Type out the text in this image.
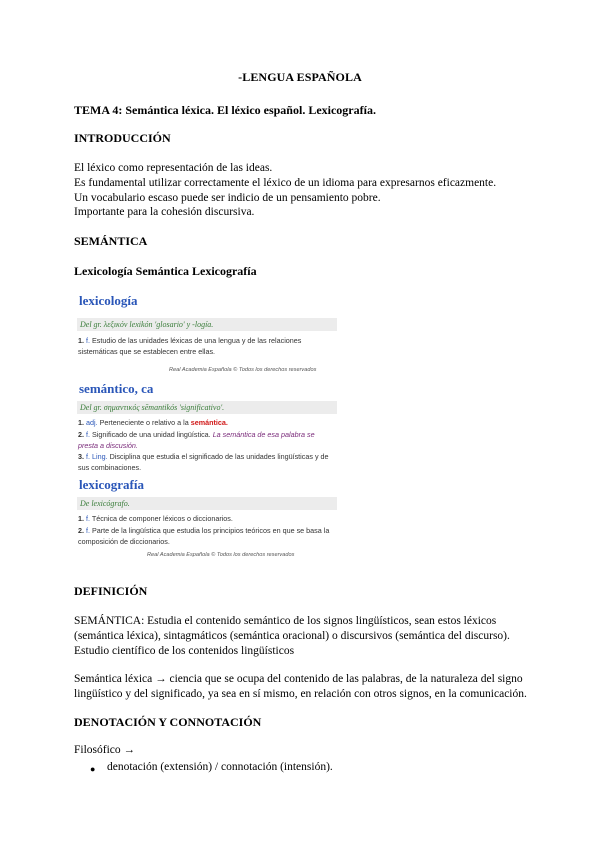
-LENGUA ESPAÑOLA
TEMA 4: Semántica léxica. El léxico español. Lexicografía.
INTRODUCCIÓN
El léxico como representación de las ideas.
Es fundamental utilizar correctamente el léxico de un idioma para expresarnos eficazmente.
Un vocabulario escaso puede ser indicio de un pensamiento pobre.
Importante para la cohesión discursiva.
SEMÁNTICA
Lexicología Semántica Lexicografía
lexicología
Del gr. λεξικόν lexikón 'glosario' y -logía.
1. f. Estudio de las unidades léxicas de una lengua y de las relaciones sistemáticas que se establecen entre ellas.
Real Academia Española © Todos los derechos reservados
semántico, ca
Del gr. σημαντικός sēmantikós 'significativo'.
1. adj. Perteneciente o relativo a la semántica.
2. f. Significado de una unidad lingüística. La semántica de esa palabra se presta a discusión.
3. f. Ling. Disciplina que estudia el significado de las unidades lingüísticas y de sus combinaciones.
lexicografía
De lexicógrafo.
1. f. Técnica de componer léxicos o diccionarios.
2. f. Parte de la lingüística que estudia los principios teóricos en que se basa la composición de diccionarios.
Real Academia Española © Todos los derechos reservados
DEFINICIÓN
SEMÁNTICA: Estudia el contenido semántico de los signos lingüísticos, sean estos léxicos
(semántica léxica), sintagmáticos (semántica oracional) o discursivos (semántica del discurso).
Estudio científico de los contenidos lingüísticos
Semántica léxica → ciencia que se ocupa del contenido de las palabras, de la naturaleza del signo
lingüístico y del significado, ya sea en sí mismo, en relación con otros signos, en la comunicación.
DENOTACIÓN Y CONNOTACIÓN
Filosófico →
● denotación (extensión) / connotación (intensión).
